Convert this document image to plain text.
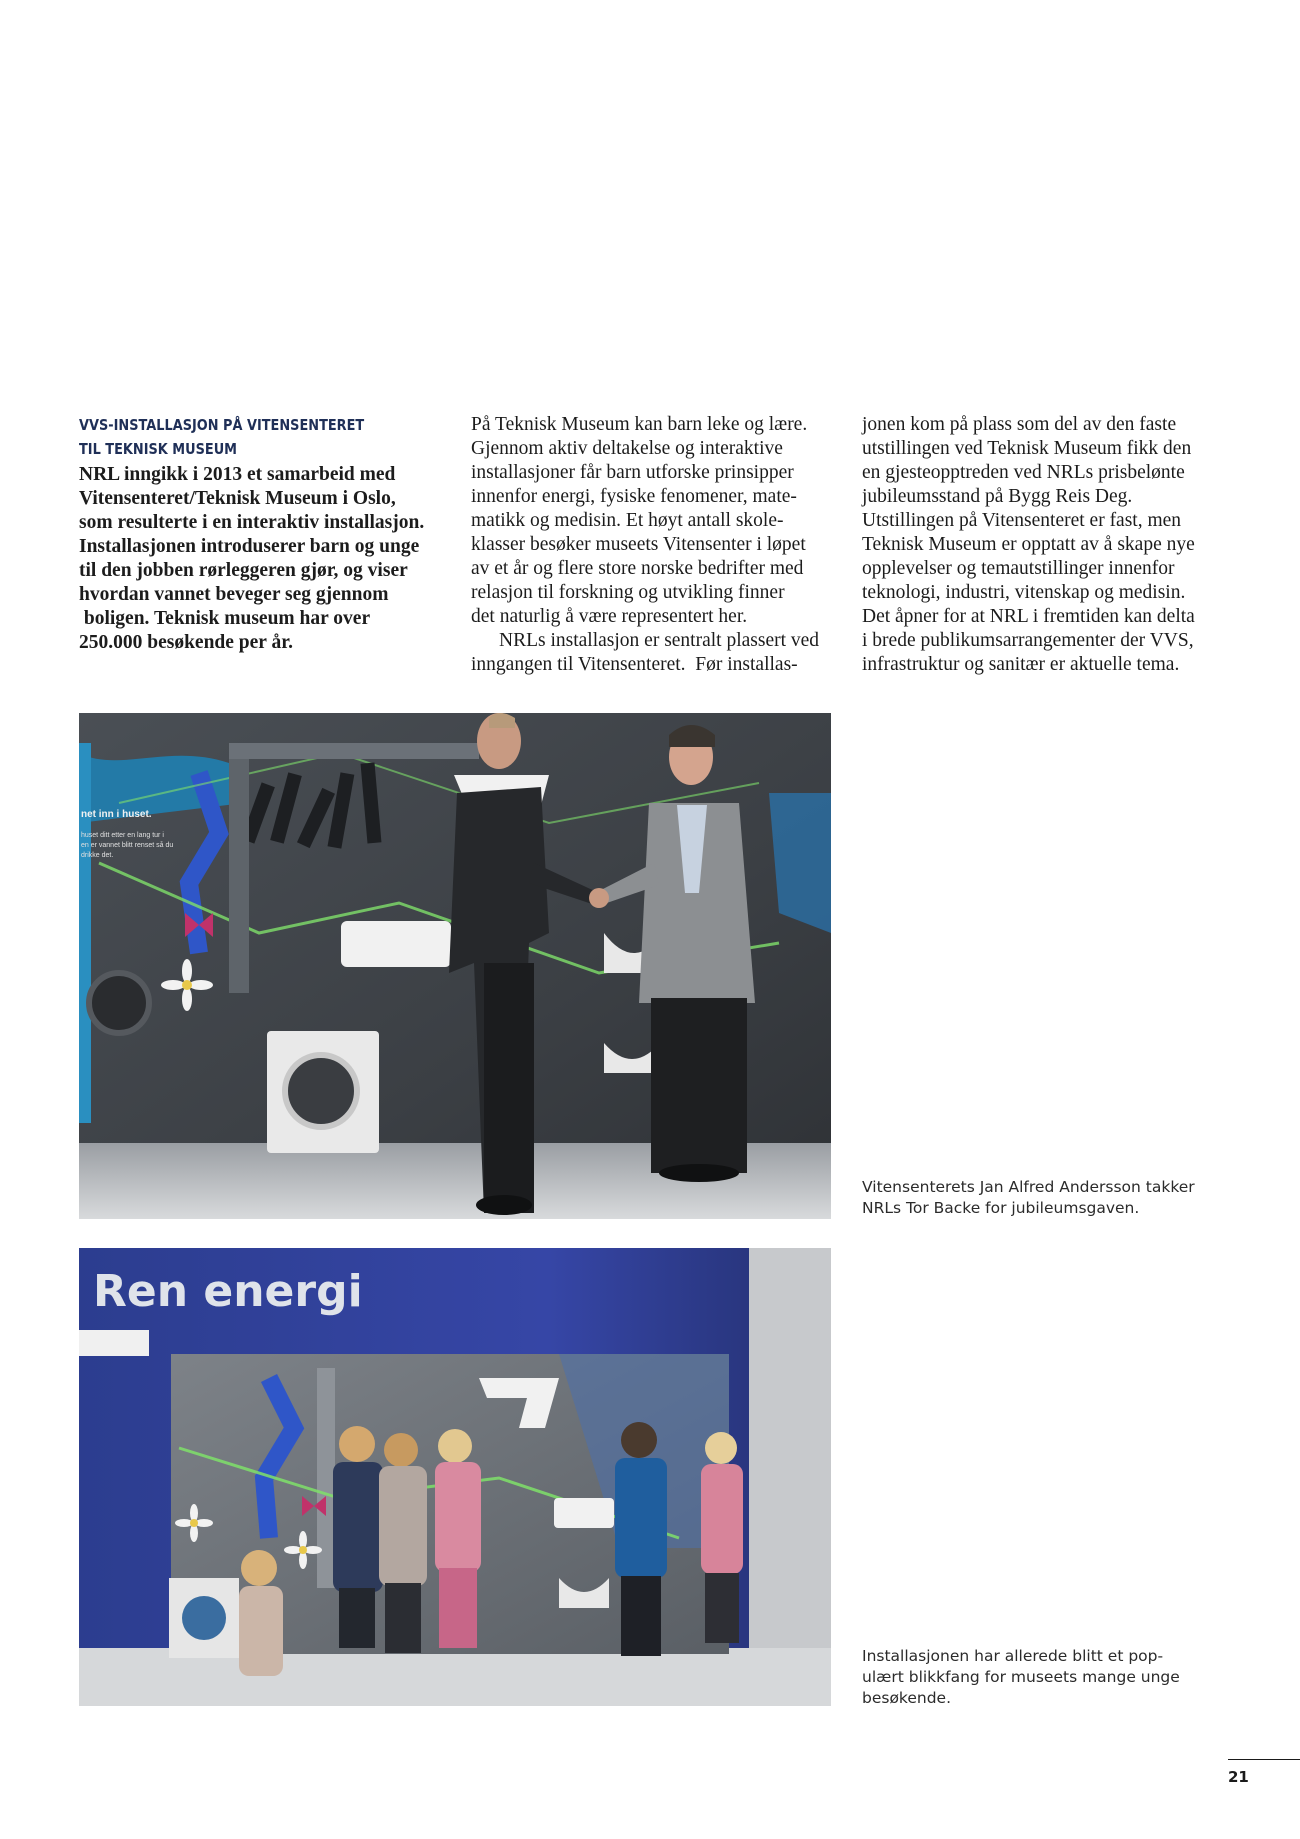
VVS-INSTALLASJON PÅ VITENSENTERET
TIL TEKNISK MUSEUM

NRL inngikk i 2013 et samarbeid med
Vitensenteret/Teknisk Museum i Oslo,
som resulterte i en interaktiv installasjon.
Installasjonen introduserer barn og unge
til den jobben rørleggeren gjør, og viser
hvordan vannet beveger seg gjennom
boligen. Teknisk museum har over
250.000 besøkende per år.

På Teknisk Museum kan barn leke og lære.
Gjennom aktiv deltakelse og interaktive
installasjoner får barn utforske prinsipper
innenfor energi, fysiske fenomener, mate-
matikk og medisin. Et høyt antall skole-
klasser besøker museets Vitensenter i løpet
av et år og flere store norske bedrifter med
relasjon til forskning og utvikling finner
det naturlig å være representert her.

NRLs installasjon er sentralt plassert ved
inngangen til Vitensenteret.  Før installas-

jonen kom på plass som del av den faste
utstillingen ved Teknisk Museum fikk den
en gjesteopptreden ved NRLs prisbelønte
jubileumsstand på Bygg Reis Deg.
Utstillingen på Vitensenteret er fast, men
Teknisk Museum er opptatt av å skape nye
opplevelser og temautstillinger innenfor
teknologi, industri, vitenskap og medisin.
Det åpner for at NRL i fremtiden kan delta
i brede publikumsarrangementer der VVS,
infrastruktur og sanitær er aktuelle tema.

net inn i huset.
huset ditt etter en lang tur i
en er vannet blitt renset så du
drikke det.
Vitensenterets Jan Alfred Andersson takker
NRLs Tor Backe for jubileumsgaven.
Ren energi
Installasjonen har allerede blitt et pop-
ulært blikkfang for museets mange unge
besøkende.
21
